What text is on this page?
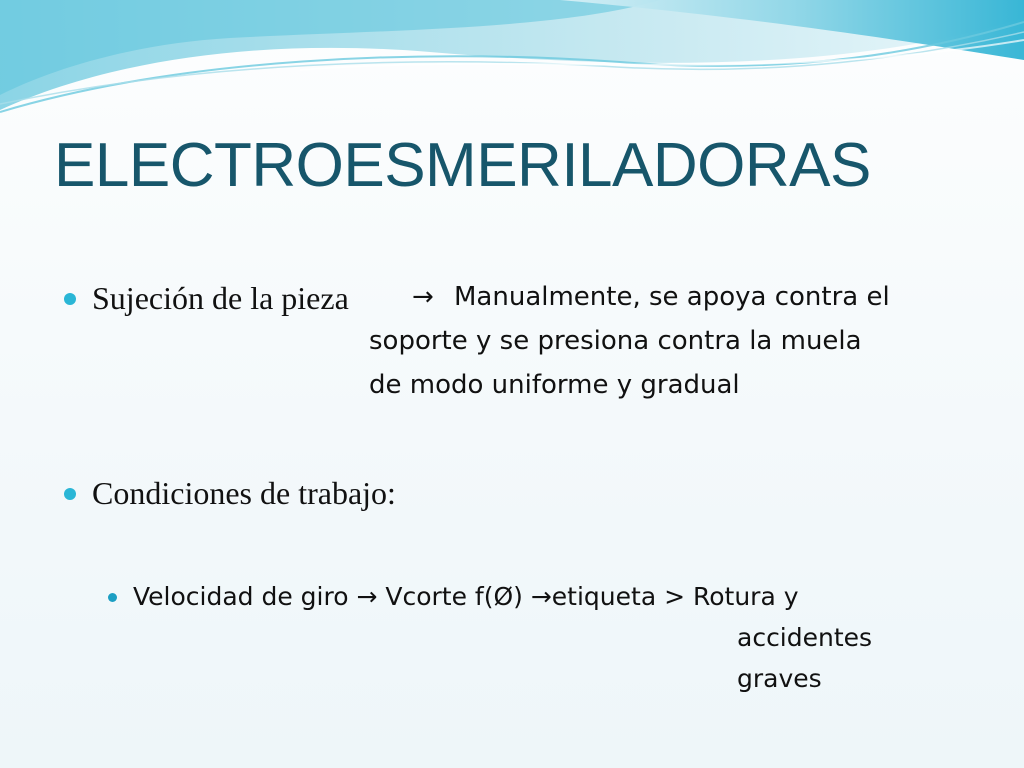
ELECTROESMERILADORAS
Sujeción de la pieza → Manualmente, se apoya contra el
soporte y se presiona contra la muela
de modo uniforme y gradual
Condiciones de trabajo:
Velocidad de giro → Vcorte f(Ø) →etiqueta > Rotura y
accidentes
graves
